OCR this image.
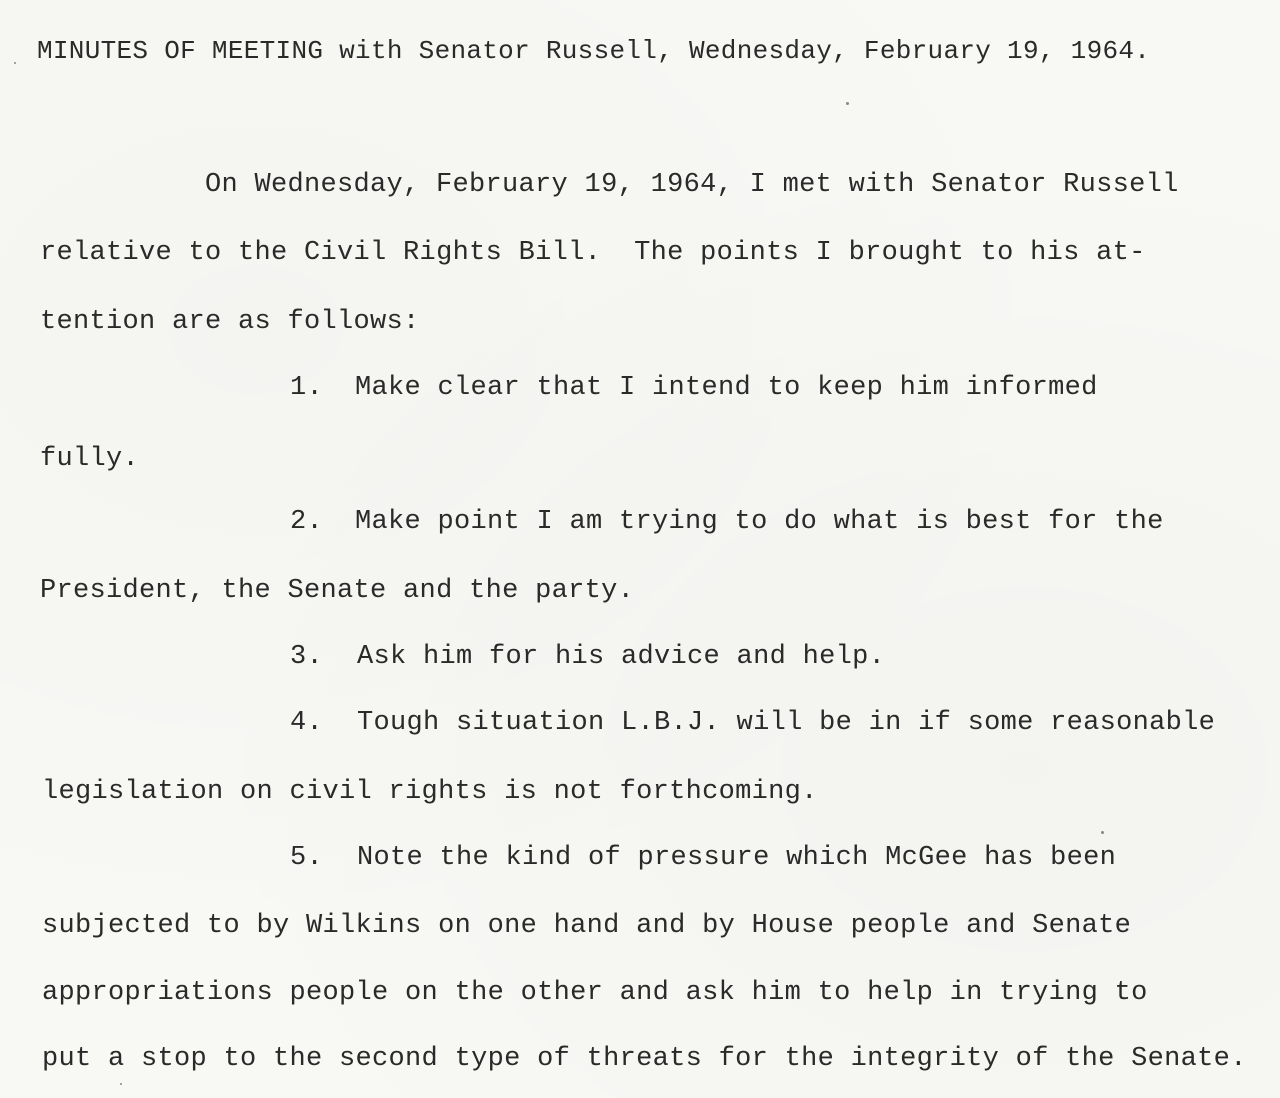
MINUTES OF MEETING with Senator Russell, Wednesday, February 19, 1964.
On Wednesday, February 19, 1964, I met with Senator Russell
relative to the Civil Rights Bill.  The points I brought to his at-
tention are as follows:
1. Make clear that I intend to keep him informed
fully.
2. Make point I am trying to do what is best for the
President, the Senate and the party.
3. Ask him for his advice and help.
4. Tough situation L.B.J. will be in if some reasonable
legislation on civil rights is not forthcoming.
5. Note the kind of pressure which McGee has been
subjected to by Wilkins on one hand and by House people and Senate
appropriations people on the other and ask him to help in trying to
put a stop to the second type of threats for the integrity of the Senate.
